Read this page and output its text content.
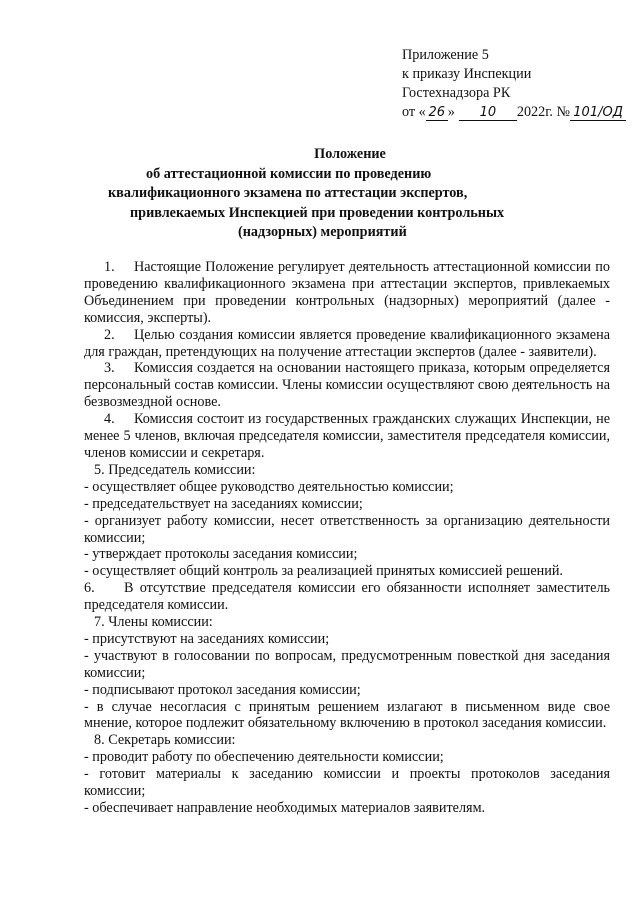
Приложение 5
к приказу Инспекции
Гостехнадзора РК
от « 26 » 10 2022г. № 101/ОД
Положение
об аттестационной комиссии по проведению
квалификационного экзамена по аттестации экспертов,
привлекаемых Инспекцией при проведении контрольных
(надзорных) мероприятий

1. Настоящие Положение регулирует деятельность аттестационной комиссии по проведению квалификационного экзамена при аттестации экспертов, привлекаемых Объединением при проведении контрольных (надзорных) мероприятий (далее - комиссия, эксперты).

2. Целью создания комиссии является проведение квалификационного экзамена для граждан, претендующих на получение аттестации экспертов (далее - заявители).

3. Комиссия создается на основании настоящего приказа, которым определяется персональный состав комиссии. Члены комиссии осуществляют свою деятельность на безвозмездной основе.

4. Комиссия состоит из государственных гражданских служащих Инспекции, не менее 5 членов, включая председателя комиссии, заместителя председателя комиссии, членов комиссии и секретаря.

5. Председатель комиссии:

- осуществляет общее руководство деятельностью комиссии;

- председательствует на заседаниях комиссии;

- организует работу комиссии, несет ответственность за организацию деятельности комиссии;

- утверждает протоколы заседания комиссии;

- осуществляет общий контроль за реализацией принятых комиссией решений.

6. В отсутствие председателя комиссии его обязанности исполняет заместитель председателя комиссии.

7. Члены комиссии:

- присутствуют на заседаниях комиссии;

- участвуют в голосовании по вопросам, предусмотренным повесткой дня заседания комиссии;

- подписывают протокол заседания комиссии;

- в случае несогласия с принятым решением излагают в письменном виде свое мнение, которое подлежит обязательному включению в протокол заседания комиссии.

8. Секретарь комиссии:

- проводит работу по обеспечению деятельности комиссии;

- готовит материалы к заседанию комиссии и проекты протоколов заседания комиссии;

- обеспечивает направление необходимых материалов заявителям.
